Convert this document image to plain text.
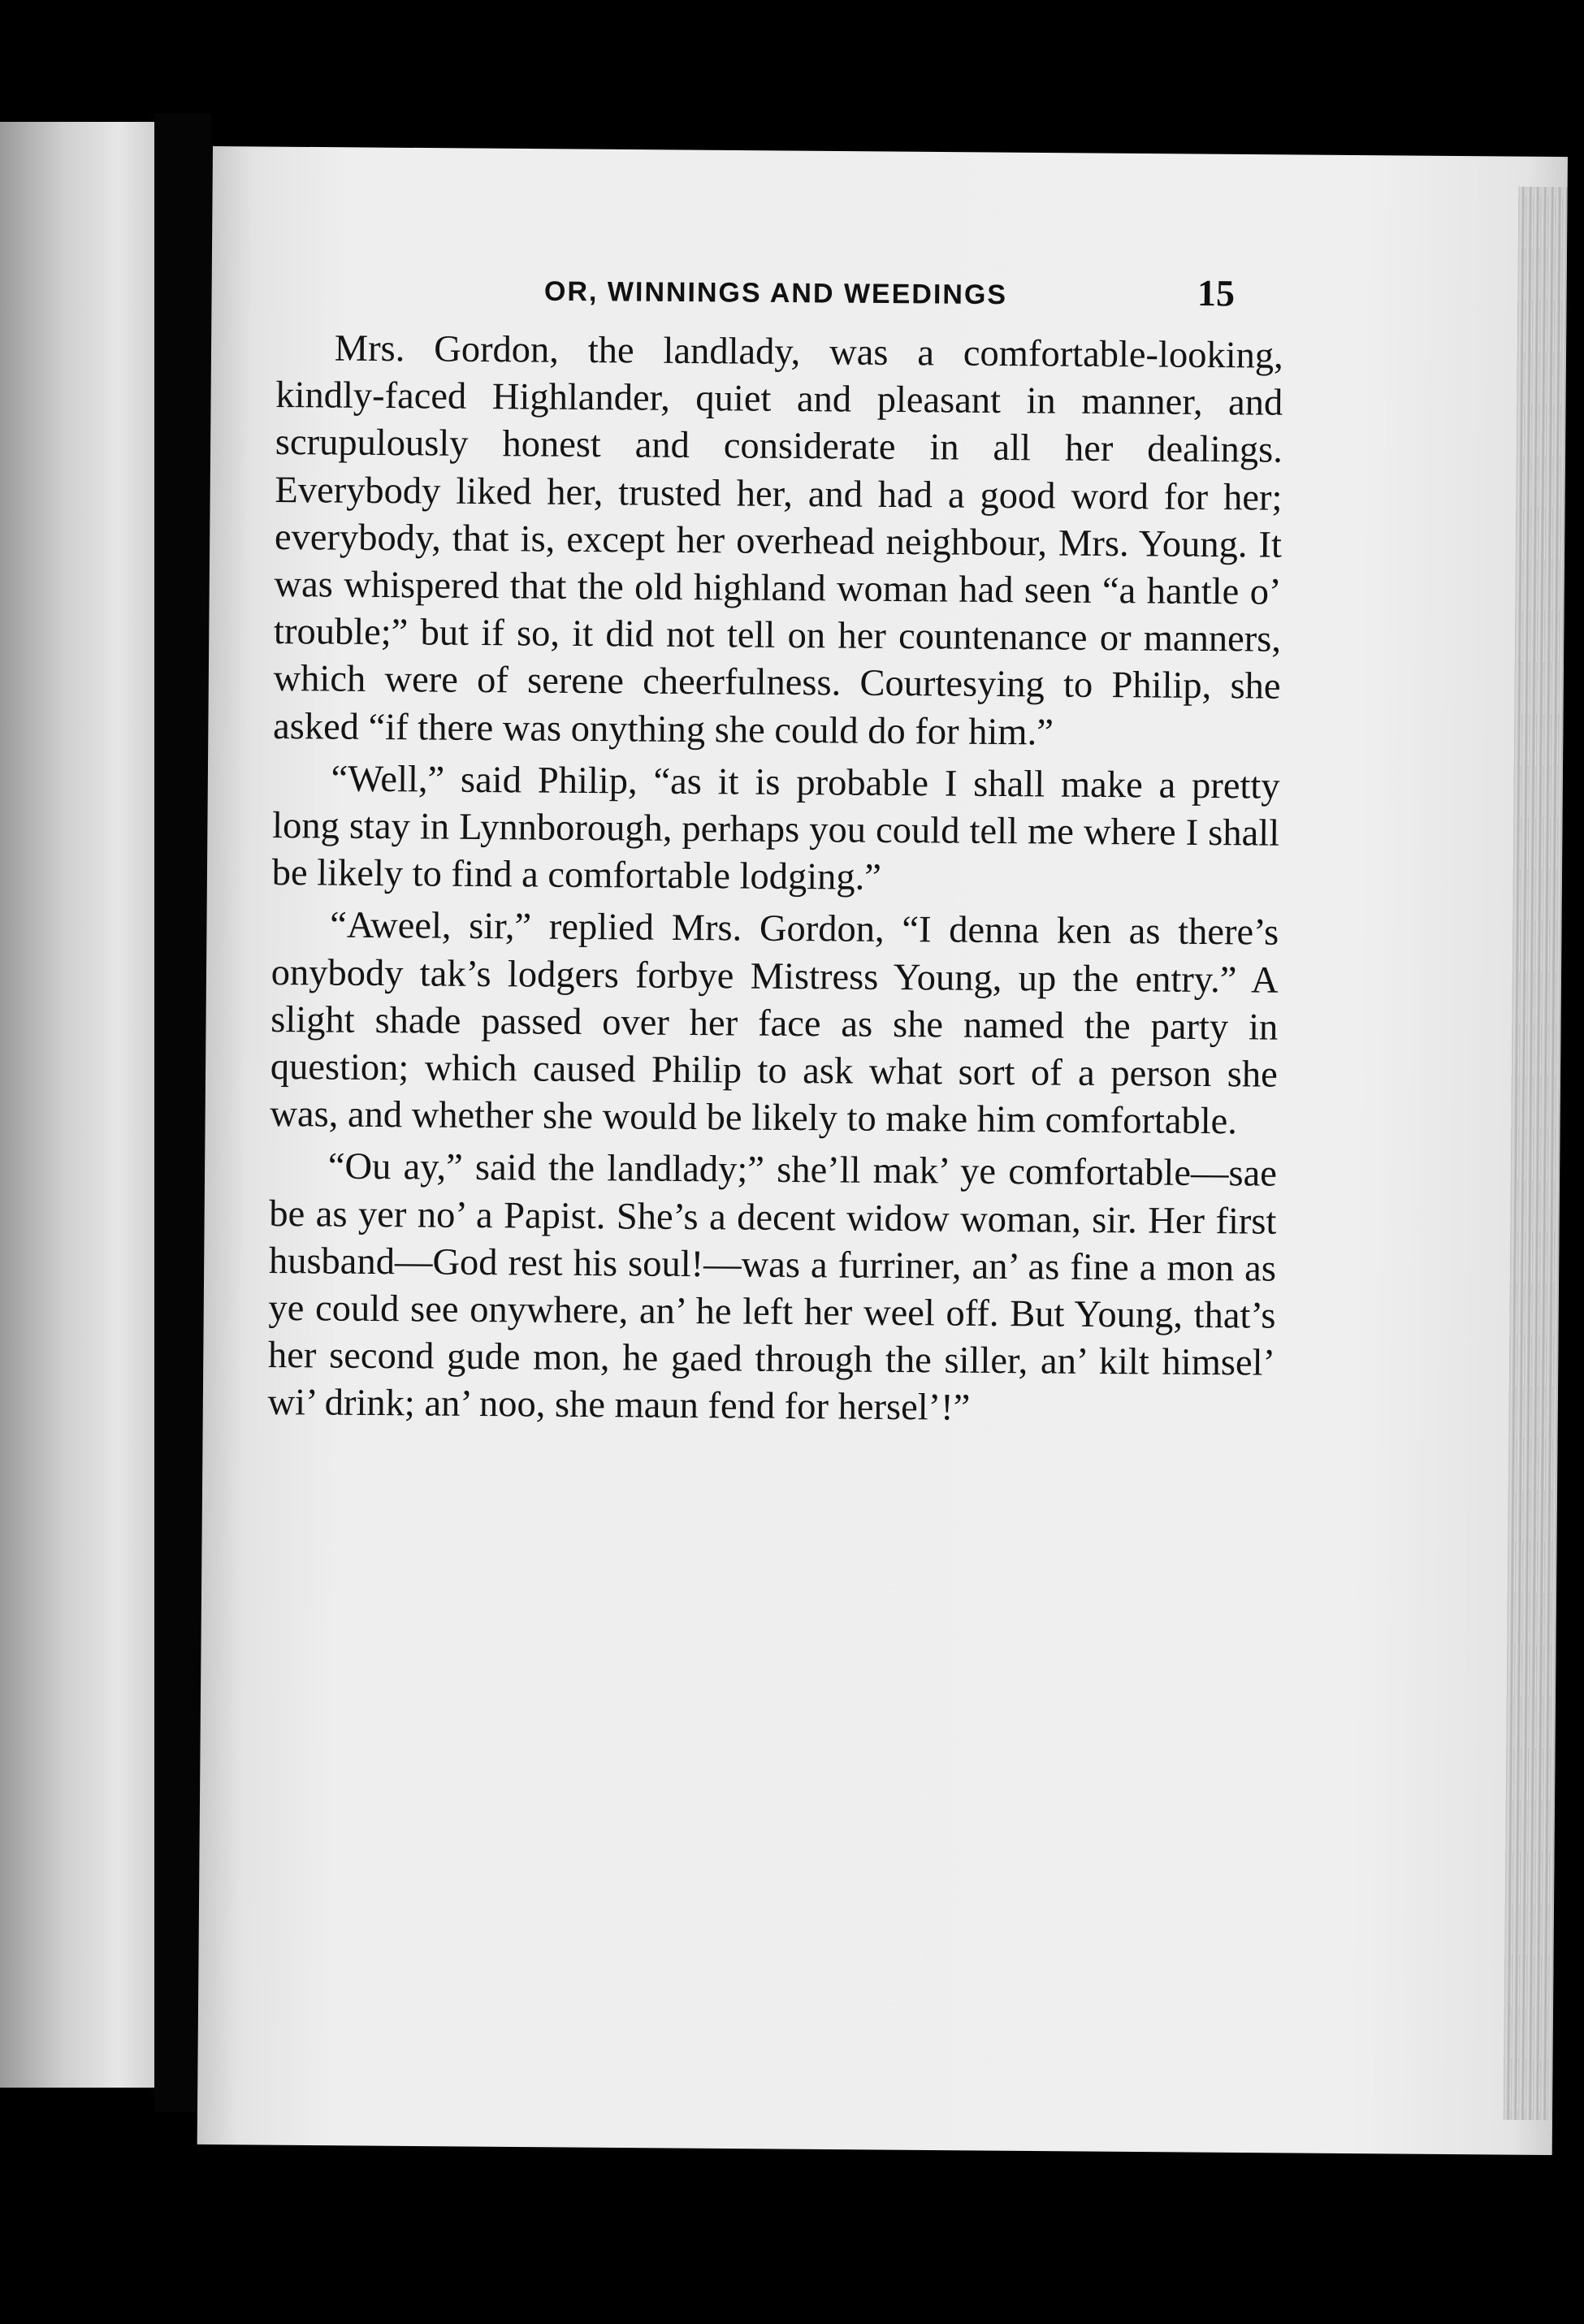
OR, WINNINGS AND WEEDINGS	15

Mrs. Gordon, the landlady, was a comfortable-looking, kindly-faced Highlander, quiet and pleasant in manner, and scrupulously honest and considerate in all her dealings. Everybody liked her, trusted her, and had a good word for her; everybody, that is, except her overhead neighbour, Mrs. Young. It was whispered that the old highland woman had seen “a hantle o’ trouble;” but if so, it did not tell on her countenance or manners, which were of serene cheerfulness. Courtesying to Philip, she asked “if there was onything she could do for him.”

“Well,” said Philip, “as it is probable I shall make a pretty long stay in Lynnborough, perhaps you could tell me where I shall be likely to find a comfortable lodging.”

“Aweel, sir,” replied Mrs. Gordon, “I denna ken as there’s onybody tak’s lodgers forbye Mistress Young, up the entry.” A slight shade passed over her face as she named the party in question; which caused Philip to ask what sort of a person she was, and whether she would be likely to make him comfortable.

“Ou ay,” said the landlady;” she’ll mak’ ye comfortable—sae be as yer no’ a Papist. She’s a decent widow woman, sir. Her first husband—God rest his soul!—was a furriner, an’ as fine a mon as ye could see onywhere, an’ he left her weel off. But Young, that’s her second gude mon, he gaed through the siller, an’ kilt himsel’ wi’ drink; an’ noo, she maun fend for hersel’!”
